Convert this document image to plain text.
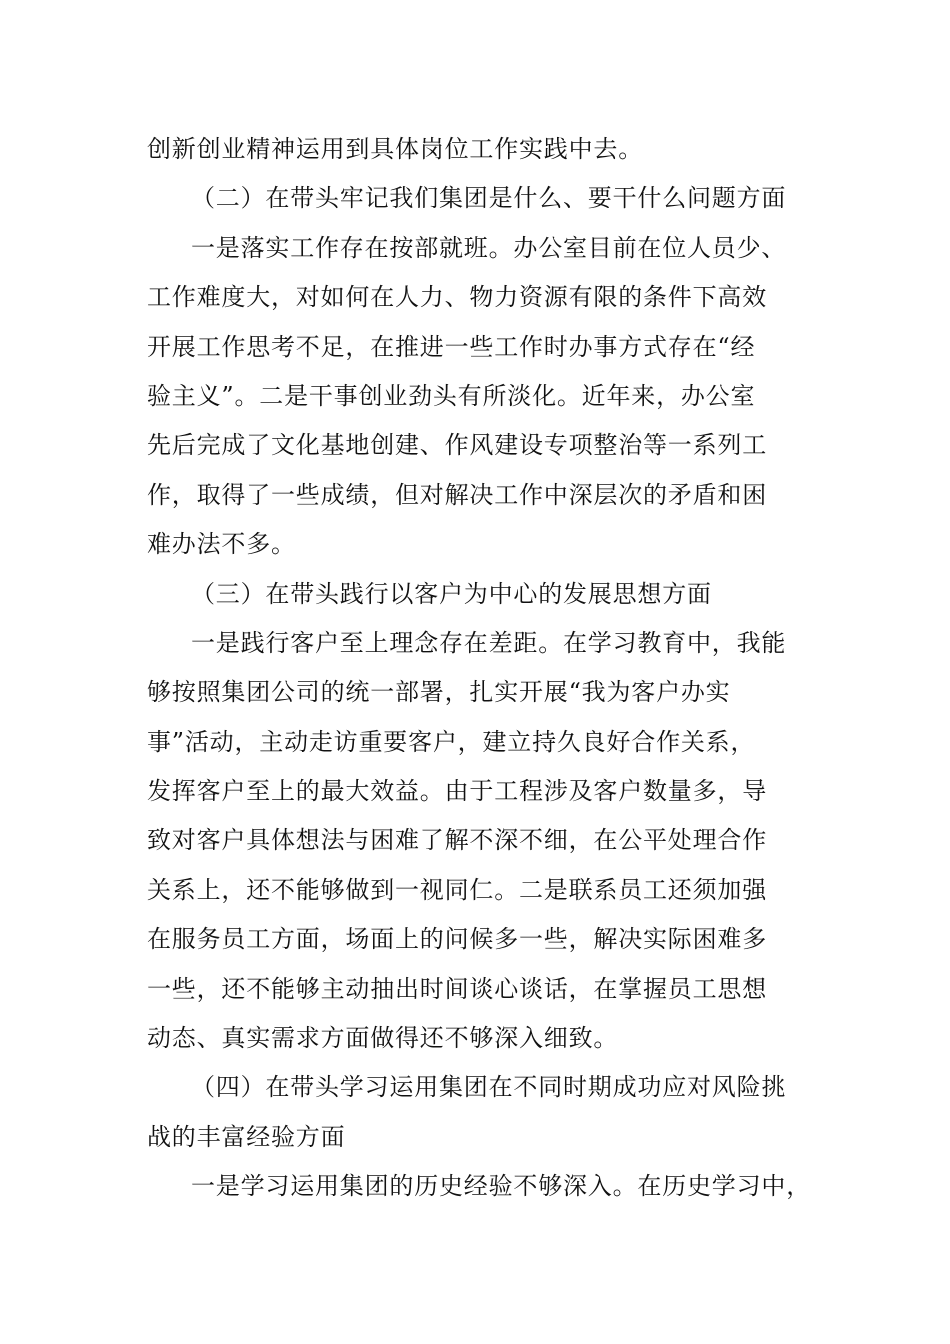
创新创业精神运用到具体岗位工作实践中去。
（二）在带头牢记我们集团是什么、要干什么问题方面
一是落实工作存在按部就班。办公室目前在位人员少、
工作难度大，对如何在人力、物力资源有限的条件下高效
开展工作思考不足，在推进一些工作时办事方式存在“经
验主义”。二是干事创业劲头有所淡化。近年来，办公室
先后完成了文化基地创建、作风建设专项整治等一系列工
作，取得了一些成绩，但对解决工作中深层次的矛盾和困
难办法不多。
（三）在带头践行以客户为中心的发展思想方面
一是践行客户至上理念存在差距。在学习教育中，我能
够按照集团公司的统一部署，扎实开展“我为客户办实
事”活动，主动走访重要客户，建立持久良好合作关系，
发挥客户至上的最大效益。由于工程涉及客户数量多，导
致对客户具体想法与困难了解不深不细，在公平处理合作
关系上，还不能够做到一视同仁。二是联系员工还须加强
在服务员工方面，场面上的问候多一些，解决实际困难多
一些，还不能够主动抽出时间谈心谈话，在掌握员工思想
动态、真实需求方面做得还不够深入细致。
（四）在带头学习运用集团在不同时期成功应对风险挑
战的丰富经验方面
一是学习运用集团的历史经验不够深入。在历史学习中，
